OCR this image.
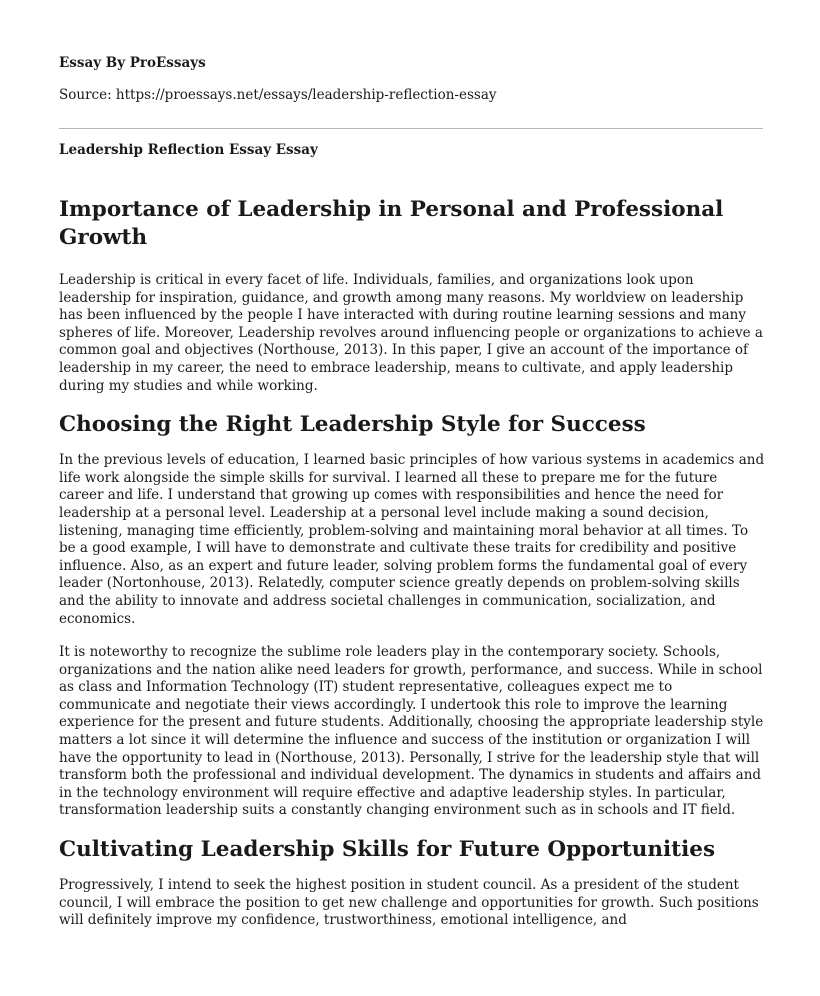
Essay By ProEssays
Source: https://proessays.net/essays/leadership-reflection-essay
Leadership Reflection Essay Essay
Importance of Leadership in Personal and Professional Growth

Leadership is critical in every facet of life. Individuals, families, and organizations look upon leadership for inspiration, guidance, and growth among many reasons. My worldview on leadership has been influenced by the people I have interacted with during routine learning sessions and many spheres of life. Moreover, Leadership revolves around influencing people or organizations to achieve a common goal and objectives (Northouse, 2013). In this paper, I give an account of the importance of leadership in my career, the need to embrace leadership, means to cultivate, and apply leadership during my studies and while working.

Choosing the Right Leadership Style for Success

In the previous levels of education, I learned basic principles of how various systems in academics and life work alongside the simple skills for survival. I learned all these to prepare me for the future career and life. I understand that growing up comes with responsibilities and hence the need for leadership at a personal level. Leadership at a personal level include making a sound decision, listening, managing time efficiently, problem-solving and maintaining moral behavior at all times. To be a good example, I will have to demonstrate and cultivate these traits for credibility and positive influence. Also, as an expert and future leader, solving problem forms the fundamental goal of every leader (Nortonhouse, 2013). Relatedly, computer science greatly depends on problem-solving skills and the ability to innovate and address societal challenges in communication, socialization, and economics.

It is noteworthy to recognize the sublime role leaders play in the contemporary society. Schools, organizations and the nation alike need leaders for growth, performance, and success. While in school as class and Information Technology (IT) student representative, colleagues expect me to communicate and negotiate their views accordingly. I undertook this role to improve the learning experience for the present and future students. Additionally, choosing the appropriate leadership style matters a lot since it will determine the influence and success of the institution or organization I will have the opportunity to lead in (Northouse, 2013). Personally, I strive for the leadership style that will transform both the professional and individual development. The dynamics in students and affairs and in the technology environment will require effective and adaptive leadership styles. In particular, transformation leadership suits a constantly changing environment such as in schools and IT field.

Cultivating Leadership Skills for Future Opportunities

Progressively, I intend to seek the highest position in student council. As a president of the student council, I will embrace the position to get new challenge and opportunities for growth. Such positions will definitely improve my confidence, trustworthiness, emotional intelligence, and
